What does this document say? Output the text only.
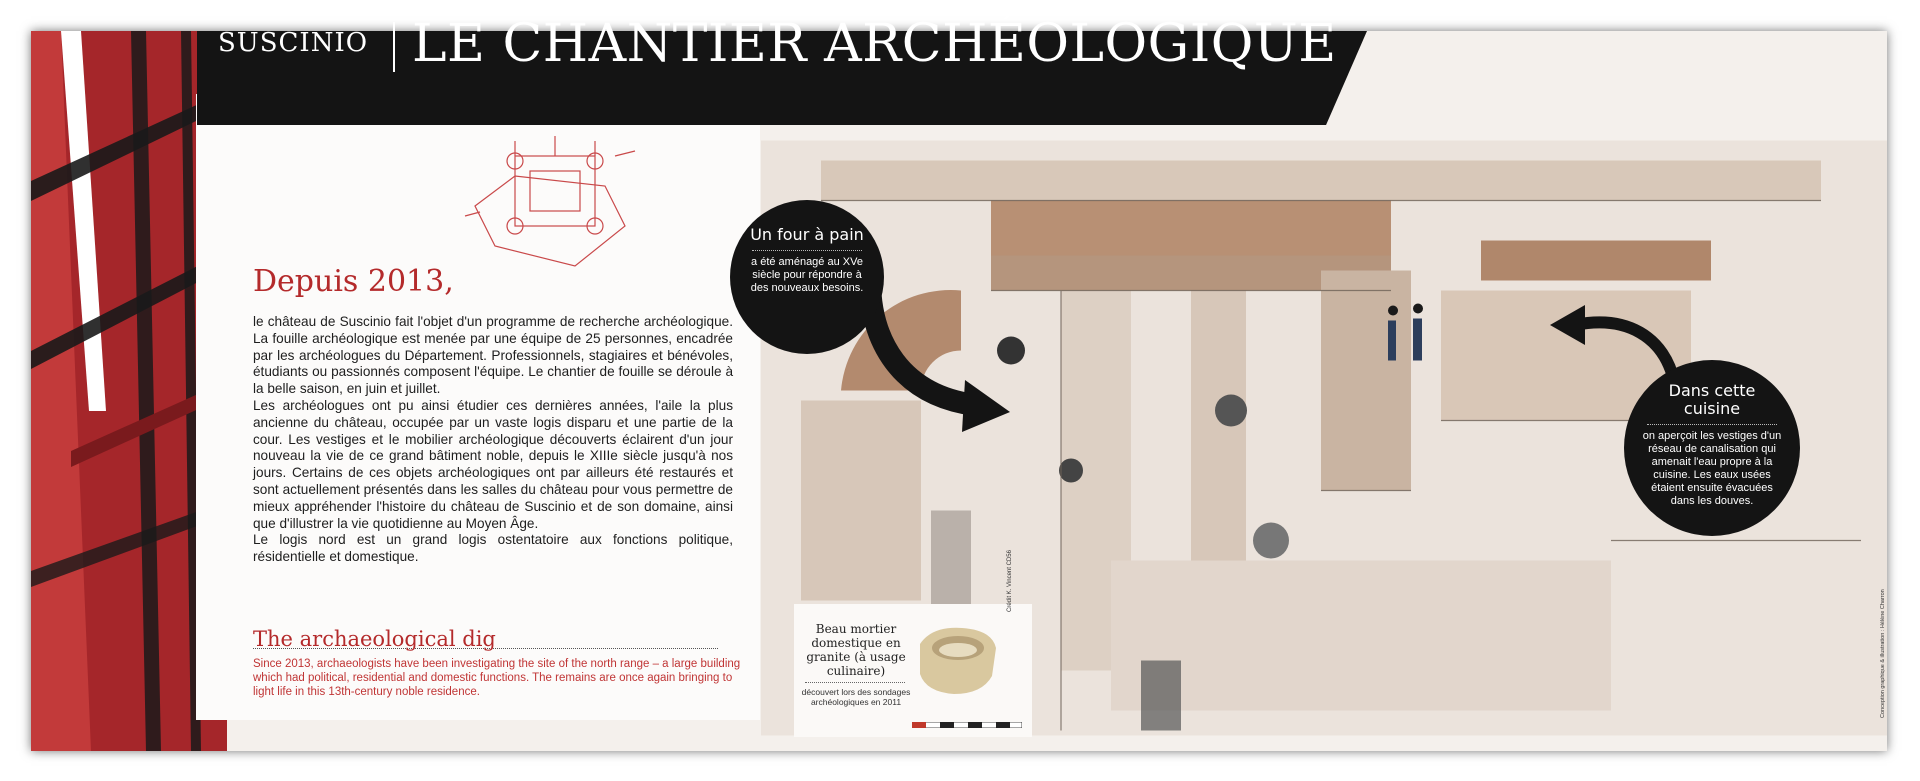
SUSCINIO LE CHANTIER ARCHÉOLOGIQUE
Depuis 2013,

le château de Suscinio fait l'objet d'un programme de recherche archéologique. La fouille archéologique est menée par une équipe de 25 personnes, encadrée par les archéologues du Département. Professionnels, stagiaires et bénévoles, étudiants ou passionnés composent l'équipe. Le chantier de fouille se déroule à la belle saison, en juin et juillet.

Les archéologues ont pu ainsi étudier ces dernières années, l'aile la plus ancienne du château, occupée par un vaste logis disparu et une partie de la cour. Les vestiges et le mobilier archéologique découverts éclairent d'un jour nouveau la vie de ce grand bâtiment noble, depuis le XIIIe siècle jusqu'à nos jours. Certains de ces objets archéologiques ont par ailleurs été restaurés et sont actuellement présentés dans les salles du château pour vous permettre de mieux appréhender l'histoire du château de Suscinio et de son domaine, ainsi que d'illustrer la vie quotidienne au Moyen Âge.

Le logis nord est un grand logis ostentatoire aux fonctions politique, résidentielle et domestique.

The archaeological dig

Since 2013, archaeologists have been investigating the site of the north range – a large building which had political, residential and domestic functions. The remains are once again bringing to light life in this 13th-century noble residence.

Un four à pain
a été aménagé au XVe siècle pour répondre à des nouveaux besoins.
Dans cette cuisine
on aperçoit les vestiges d'un réseau de canalisation qui amenait l'eau propre à la cuisine. Les eaux usées étaient ensuite évacuées dans les douves.
Beau mortier domestique en granite (à usage culinaire)
découvert lors des sondages archéologiques en 2011
Crédit K. Vincent CD56
Conception graphique & illustration : Hélène Charron
